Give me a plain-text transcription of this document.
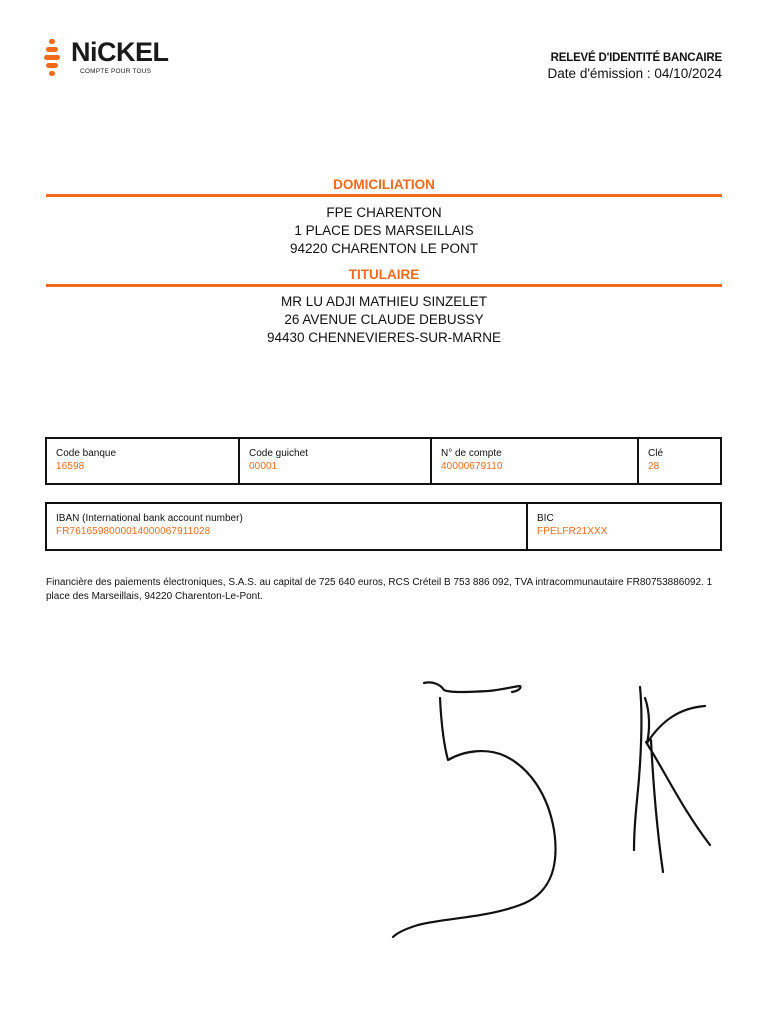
NiCKEL
COMPTE POUR TOUS
RELEVÉ D'IDENTITÉ BANCAIRE
Date d'émission : 04/10/2024
DOMICILIATION
FPE CHARENTON
1 PLACE DES MARSEILLAIS
94220 CHARENTON LE PONT
TITULAIRE
MR LU ADJI MATHIEU SINZELET
26 AVENUE CLAUDE DEBUSSY
94430 CHENNEVIERES-SUR-MARNE
Code banque
16598
Code guichet
00001
N° de compte
40000679110
Clé
28
IBAN (International bank account number)
FR7616598000014000067911028
BIC
FPELFR21XXX
Financière des paiements électroniques, S.A.S. au capital de 725 640 euros, RCS Créteil B 753 886 092, TVA intracommunautaire FR80753886092. 1 place des Marseillais, 94220 Charenton-Le-Pont.
